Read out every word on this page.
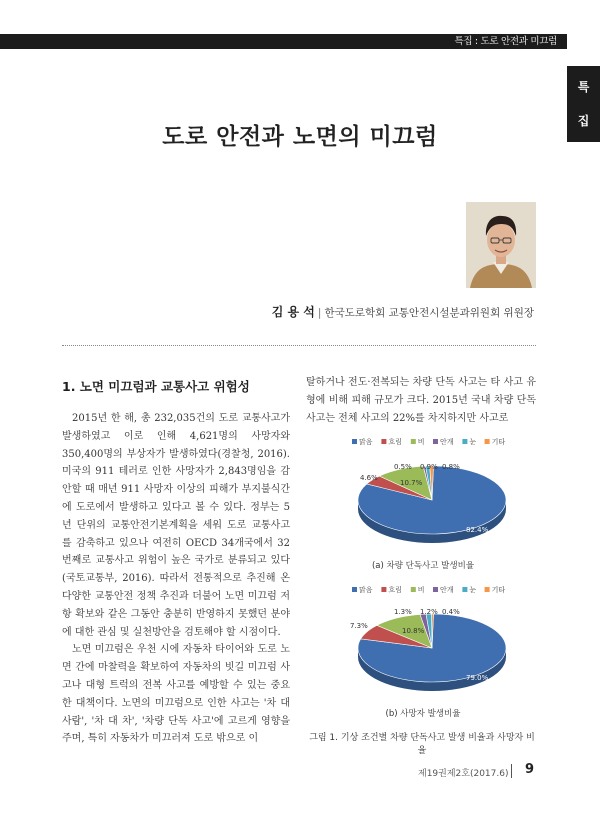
특집 : 도로 안전과 미끄럼
특
집
도로 안전과 노면의 미끄럼
김 용 석 | 한국도로학회 교통안전시설분과위원회 위원장
1. 노면 미끄럼과 교통사고 위험성

2015년 한 해, 총 232,035건의 도로 교통사고가 발생하였고 이로 인해 4,621명의 사망자와 350,400명의 부상자가 발생하였다(경찰청, 2016). 미국의 911 테러로 인한 사망자가 2,843명임을 감안할 때 매년 911 사망자 이상의 피해가 부지불식간에 도로에서 발생하고 있다고 볼 수 있다. 정부는 5년 단위의 교통안전기본계획을 세워 도로 교통사고를 감축하고 있으나 여전히 OECD 34개국에서 32번째로 교통사고 위험이 높은 국가로 분류되고 있다(국토교통부, 2016). 따라서 전통적으로 추진해 온 다양한 교통안전 정책 추진과 더불어 노면 미끄럼 저항 확보와 같은 그동안 충분히 반영하지 못했던 분야에 대한 관심 및 실천방안을 검토해야 할 시점이다.

노면 미끄럼은 우천 시에 자동차 타이어와 도로 노면 간에 마찰력을 확보하여 자동차의 빗길 미끄럼 사고나 대형 트럭의 전복 사고를 예방할 수 있는 중요한 대책이다. 노면의 미끄럼으로 인한 사고는 '차 대 사람', '차 대 차', '차량 단독 사고'에 고르게 영향을 주며, 특히 자동차가 미끄러져 도로 밖으로 이

탈하거나 전도·전복되는 차량 단독 사고는 타 사고 유형에 비해 피해 규모가 크다. 2015년 국내 차량 단독사고는 전체 사고의 22%를 차지하지만 사고로

맑음 흐림 비 안개 눈 기타
82.4%
4.6%
10.7%
0.5% 0.9% 0.8%
(a) 차량 단독사고 발생비율
맑음 흐림 비 안개 눈 기타
79.0%
7.3%
10.8%
1.3% 1.2% 0.4%
(b) 사망자 발생비율
그림 1. 기상 조건별 차량 단독사고 발생 비율과 사망자 비율
제19권제2호(2017.6) 9
